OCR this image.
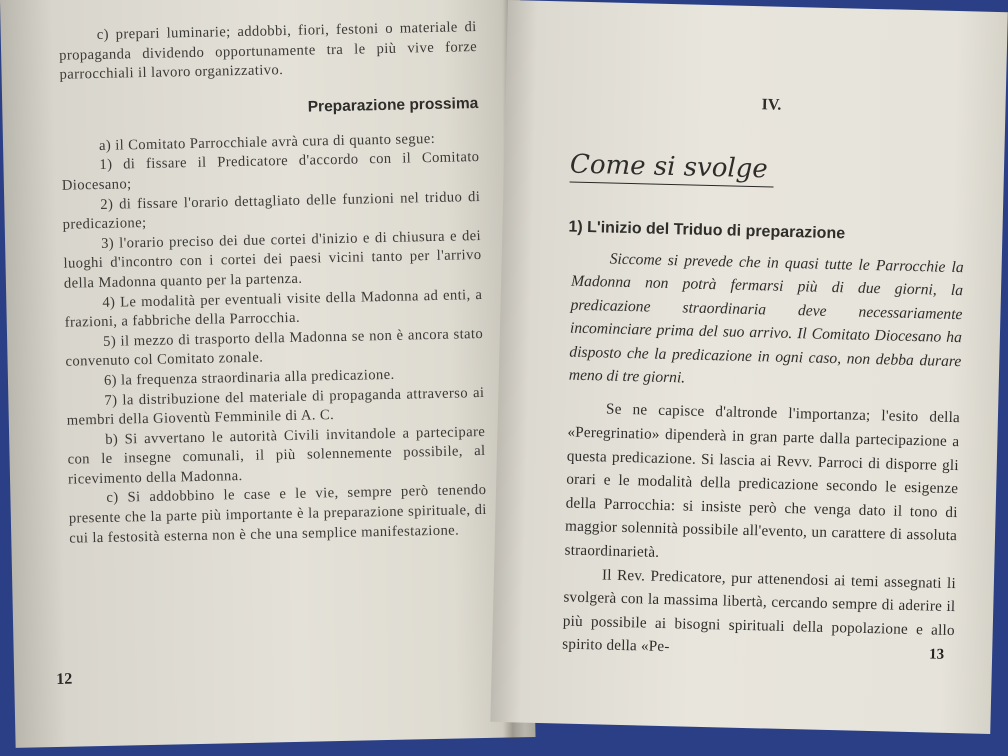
c) prepari luminarie; addobbi, fiori, festoni o materiale di propaganda dividendo opportunamente tra le più vive forze parrocchiali il lavoro organizzativo.

Preparazione prossima

a) il Comitato Parrocchiale avrà cura di quanto segue:

1) di fissare il Predicatore d'accordo con il Comitato Diocesano;

2) di fissare l'orario dettagliato delle funzioni nel triduo di predicazione;

3) l'orario preciso dei due cortei d'inizio e di chiusura e dei luoghi d'incontro con i cortei dei paesi vicini tanto per l'arrivo della Madonna quanto per la partenza.

4) Le modalità per eventuali visite della Madonna ad enti, a frazioni, a fabbriche della Parrocchia.

5) il mezzo di trasporto della Madonna se non è ancora stato convenuto col Comitato zonale.

6) la frequenza straordinaria alla predicazione.

7) la distribuzione del materiale di propaganda attraverso ai membri della Gioventù Femminile di A. C.

b) Si avvertano le autorità Civili invitandole a partecipare con le insegne comunali, il più solennemente possibile, al ricevimento della Madonna.

c) Si addobbino le case e le vie, sempre però tenendo presente che la parte più importante è la preparazione spirituale, di cui la festosità esterna non è che una semplice manifestazione.

12

IV.

Come si svolge

1) L'inizio del Triduo di preparazione

Siccome si prevede che in quasi tutte le Parrocchie la Madonna non potrà fermarsi più di due giorni, la predicazione straordinaria deve necessariamente incominciare prima del suo arrivo. Il Comitato Diocesano ha disposto che la predicazione in ogni caso, non debba durare meno di tre giorni.

Se ne capisce d'altronde l'importanza; l'esito della «Peregrinatio» dipenderà in gran parte dalla partecipazione a questa predicazione. Si lascia ai Revv. Parroci di disporre gli orari e le modalità della predicazione secondo le esigenze della Parrocchia: si insiste però che venga dato il tono di maggior solennità possibile all'evento, un carattere di assoluta straordinarietà.

Il Rev. Predicatore, pur attenendosi ai temi assegnati li svolgerà con la massima libertà, cercando sempre di aderire il più possibile ai bisogni spirituali della popolazione e allo spirito della «Pe-	13
